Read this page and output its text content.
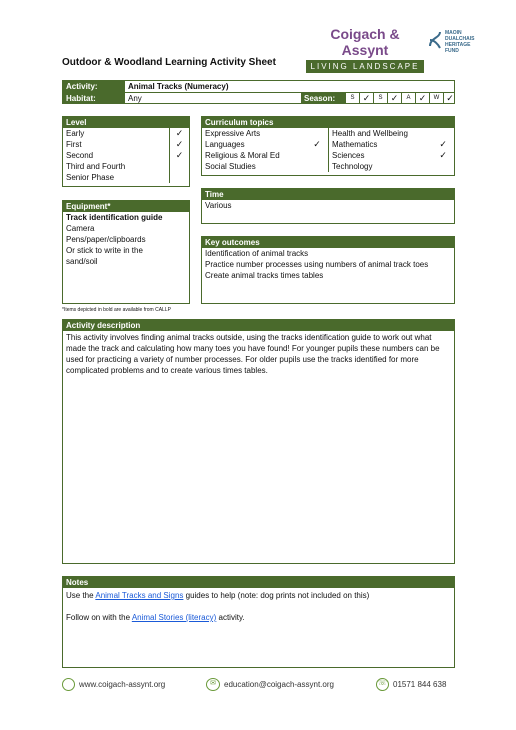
Coigach & Assynt
LIVING LANDSCAPE
MAOIN
DUALCHAIS
HERITAGE
FUND
Outdoor & Woodland Learning Activity Sheet
Activity:	Animal Tracks (Numeracy)
Habitat:	Any	Season:	S ✓	S ✓	A ✓	W ✓
Level
Early	✓
First	✓
Second	✓
Third and Fourth
Senior Phase
Curriculum topics
Expressive Arts
Languages	✓
Religious & Moral Ed
Social Studies
Health and Wellbeing
Mathematics	✓
Sciences	✓
Technology
Time
Various
Equipment*
Track identification guide
Camera
Pens/paper/clipboards
Or stick to write in the
sand/soil
*Items depicted in bold are available from CALLP
Key outcomes
Identification of animal tracks
Practice number processes using numbers of animal track toes
Create animal tracks times tables
Activity description
This activity involves finding animal tracks outside, using the tracks identification guide to work out what made the track and calculating how many toes you have found! For younger pupils these numbers can be used for practicing a variety of number processes. For older pupils use the tracks identified for more complicated problems and to create various times tables.
Notes
Use the Animal Tracks and Signs guides to help (note: dog prints not included on this)
Follow on with the Animal Stories (literacy) activity.
www.coigach-assynt.org	✉	education@coigach-assynt.org	☏ 01571 844 638
